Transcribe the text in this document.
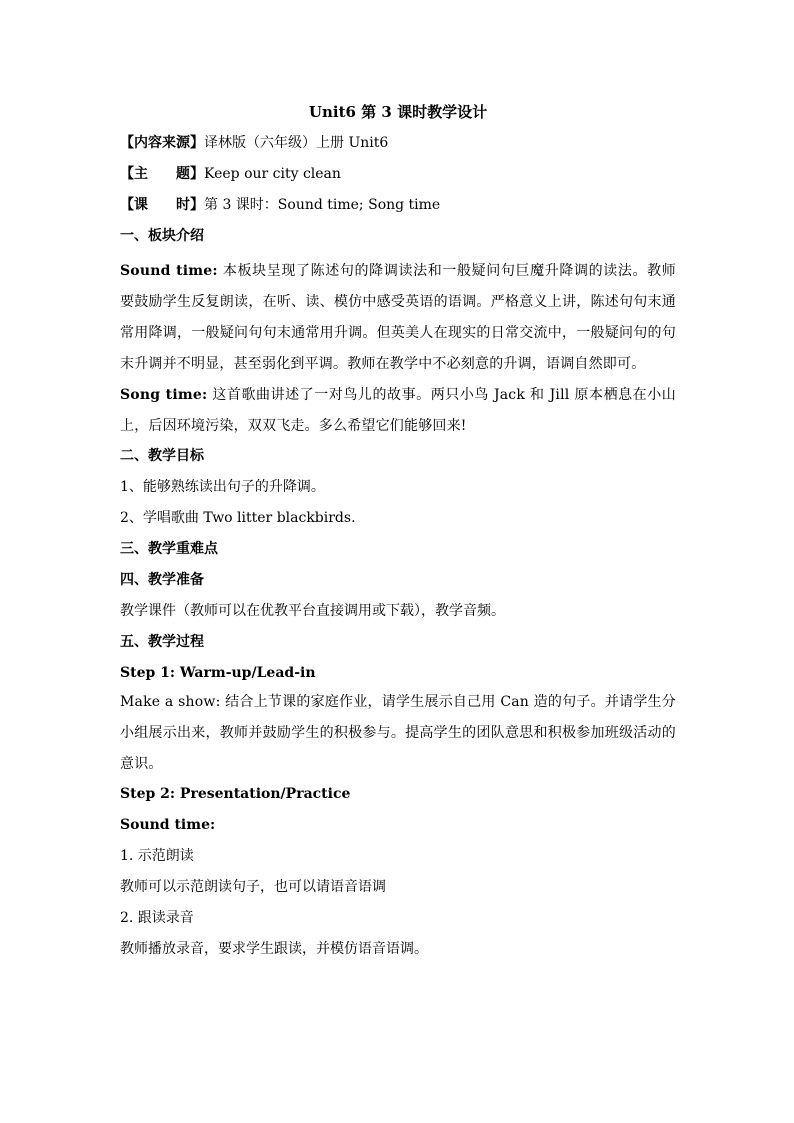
Unit6 第 3 课时教学设计
【内容来源】译林版（六年级）上册 Unit6
【主 题】Keep our city clean
【课 时】第 3 课时：Sound time; Song time
一、板块介绍
Sound time: 本板块呈现了陈述句的降调读法和一般疑问句巨魔升降调的读法。教师要鼓励学生反复朗读，在听、读、模仿中感受英语的语调。严格意义上讲，陈述句句末通常用降调，一般疑问句句末通常用升调。但英美人在现实的日常交流中，一般疑问句的句末升调并不明显，甚至弱化到平调。教师在教学中不必刻意的升调，语调自然即可。
Song time: 这首歌曲讲述了一对鸟儿的故事。两只小鸟 Jack 和 Jill 原本栖息在小山上，后因环境污染，双双飞走。多么希望它们能够回来!
二、教学目标
1、能够熟练读出句子的升降调。
2、学唱歌曲 Two litter blackbirds.
三、教学重难点
四、教学准备
教学课件（教师可以在优教平台直接调用或下载），教学音频。
五、教学过程
Step 1: Warm-up/Lead-in
Make a show: 结合上节课的家庭作业，请学生展示自己用 Can 造的句子。并请学生分小组展示出来，教师并鼓励学生的积极参与。提高学生的团队意思和积极参加班级活动的意识。
Step 2: Presentation/Practice
Sound time:
1. 示范朗读
教师可以示范朗读句子，也可以请语音语调
2. 跟读录音
教师播放录音，要求学生跟读，并模仿语音语调。
